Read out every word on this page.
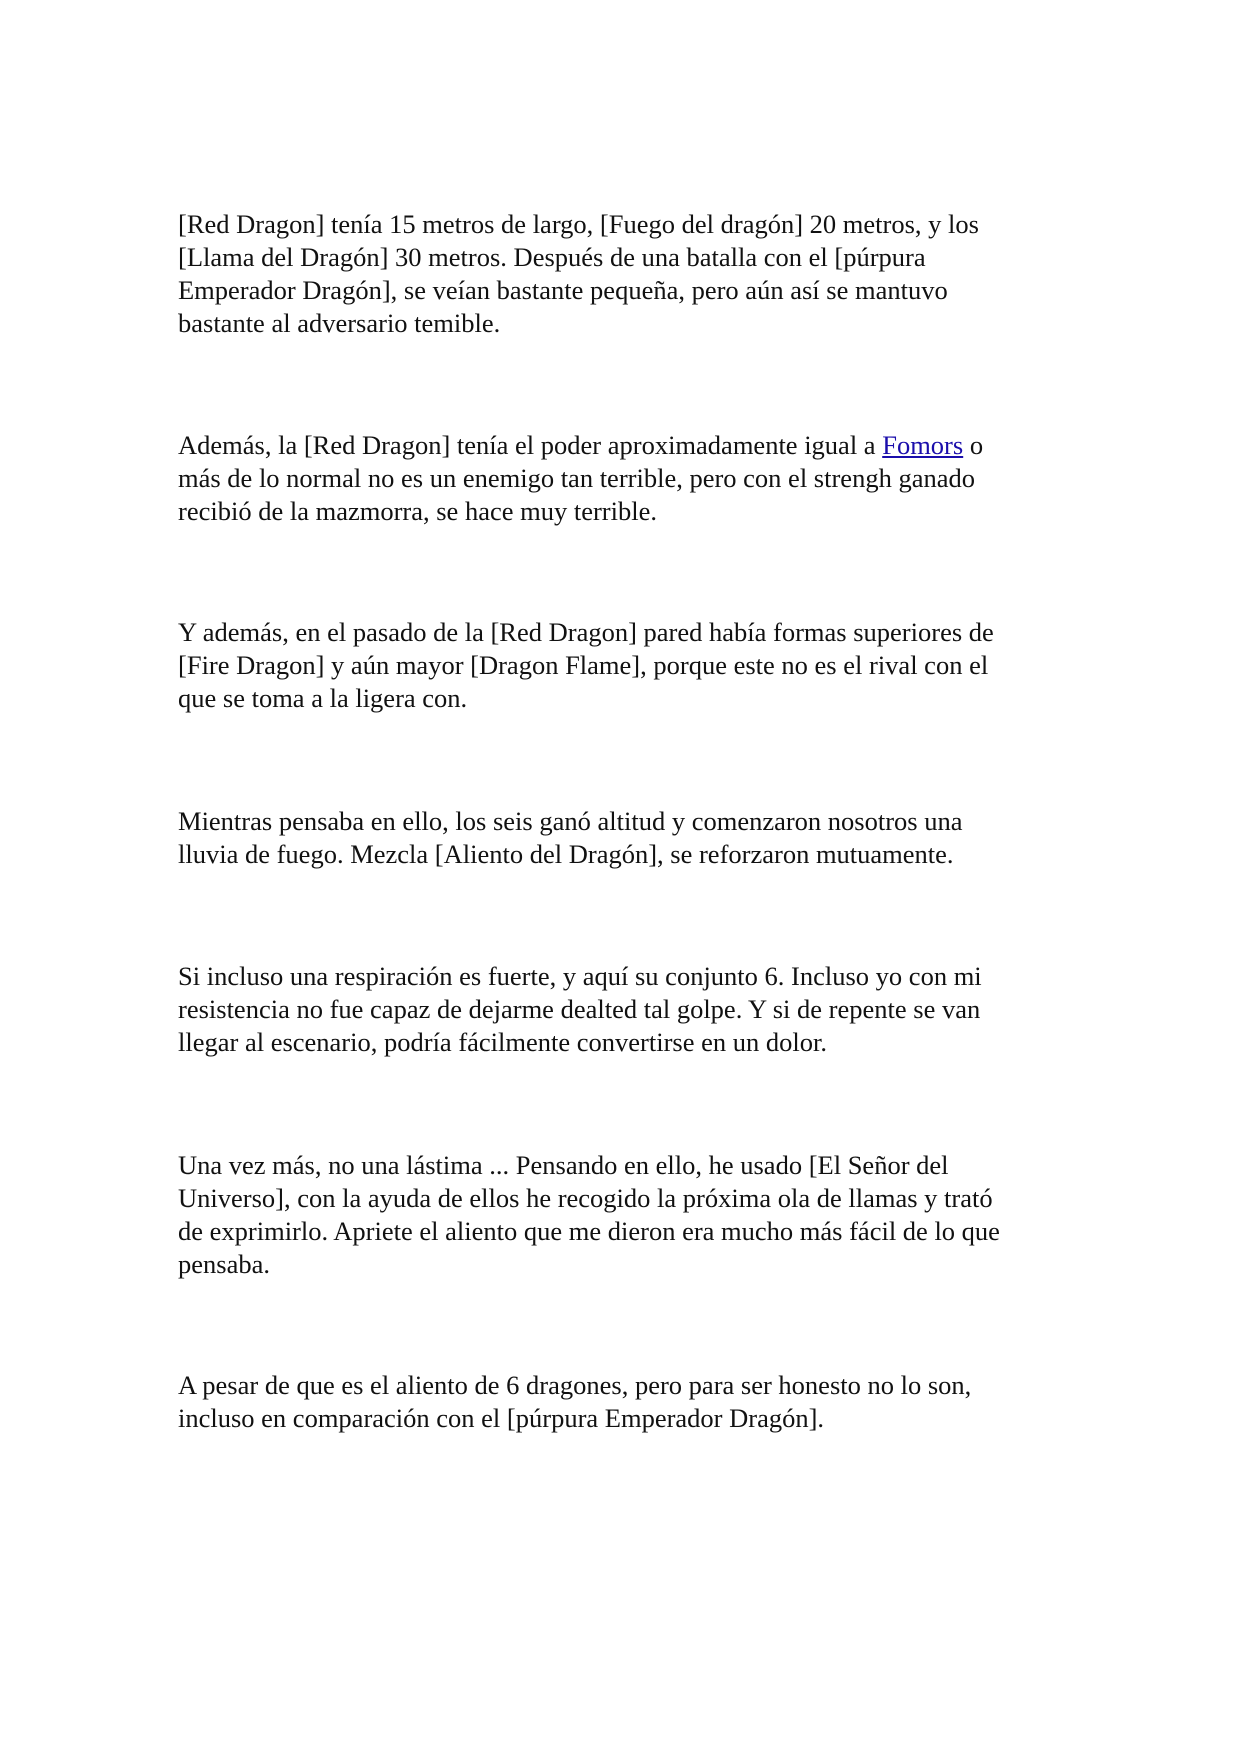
[Red Dragon] tenía 15 metros de largo, [Fuego del dragón] 20 metros, y los
[Llama del Dragón] 30 metros. Después de una batalla con el [púrpura
Emperador Dragón], se veían bastante pequeña, pero aún así se mantuvo
bastante al adversario temible.

Además, la [Red Dragon] tenía el poder aproximadamente igual a Fomors o
más de lo normal no es un enemigo tan terrible, pero con el strengh ganado
recibió de la mazmorra, se hace muy terrible.

Y además, en el pasado de la [Red Dragon] pared había formas superiores de
[Fire Dragon] y aún mayor [Dragon Flame], porque este no es el rival con el
que se toma a la ligera con.

Mientras pensaba en ello, los seis ganó altitud y comenzaron nosotros una
lluvia de fuego. Mezcla [Aliento del Dragón], se reforzaron mutuamente.

Si incluso una respiración es fuerte, y aquí su conjunto 6. Incluso yo con mi
resistencia no fue capaz de dejarme dealted tal golpe. Y si de repente se van
llegar al escenario, podría fácilmente convertirse en un dolor.

Una vez más, no una lástima ... Pensando en ello, he usado [El Señor del
Universo], con la ayuda de ellos he recogido la próxima ola de llamas y trató
de exprimirlo. Apriete el aliento que me dieron era mucho más fácil de lo que
pensaba.

A pesar de que es el aliento de 6 dragones, pero para ser honesto no lo son,
incluso en comparación con el [púrpura Emperador Dragón].
